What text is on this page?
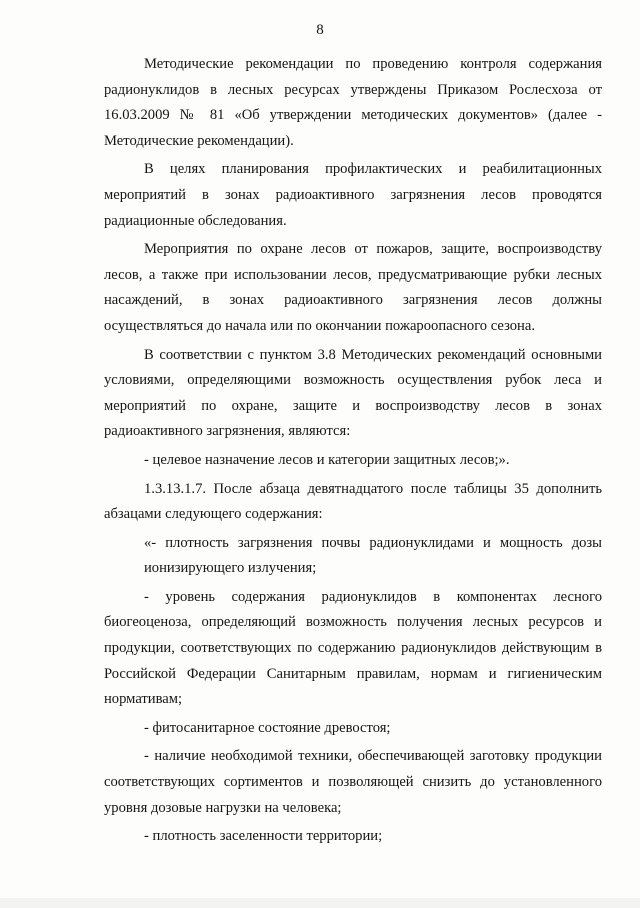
8

Методические рекомендации по проведению контроля содержания радионуклидов в лесных ресурсах утверждены Приказом Рослесхоза от 16.03.2009 № 81 «Об утверждении методических документов» (далее - Методические рекомендации).

В целях планирования профилактических и реабилитационных мероприятий в зонах радиоактивного загрязнения лесов проводятся радиационные обследования.

Мероприятия по охране лесов от пожаров, защите, воспроизводству лесов, а также при использовании лесов, предусматривающие рубки лесных насаждений, в зонах радиоактивного загрязнения лесов должны осуществляться до начала или по окончании пожароопасного сезона.

В соответствии с пунктом 3.8 Методических рекомендаций основными условиями, определяющими возможность осуществления рубок леса и мероприятий по охране, защите и воспроизводству лесов в зонах радиоактивного загрязнения, являются:

- целевое назначение лесов и категории защитных лесов;».

1.3.13.1.7. После абзаца девятнадцатого после таблицы 35 дополнить абзацами следующего содержания:

«- плотность загрязнения почвы радионуклидами и мощность дозы ионизирующего излучения;

- уровень содержания радионуклидов в компонентах лесного биогеоценоза, определяющий возможность получения лесных ресурсов и продукции, соответствующих по содержанию радионуклидов действующим в Российской Федерации Санитарным правилам, нормам и гигиеническим нормативам;

- фитосанитарное состояние древостоя;

- наличие необходимой техники, обеспечивающей заготовку продукции соответствующих сортиментов и позволяющей снизить до установленного уровня дозовые нагрузки на человека;

- плотность заселенности территории;
